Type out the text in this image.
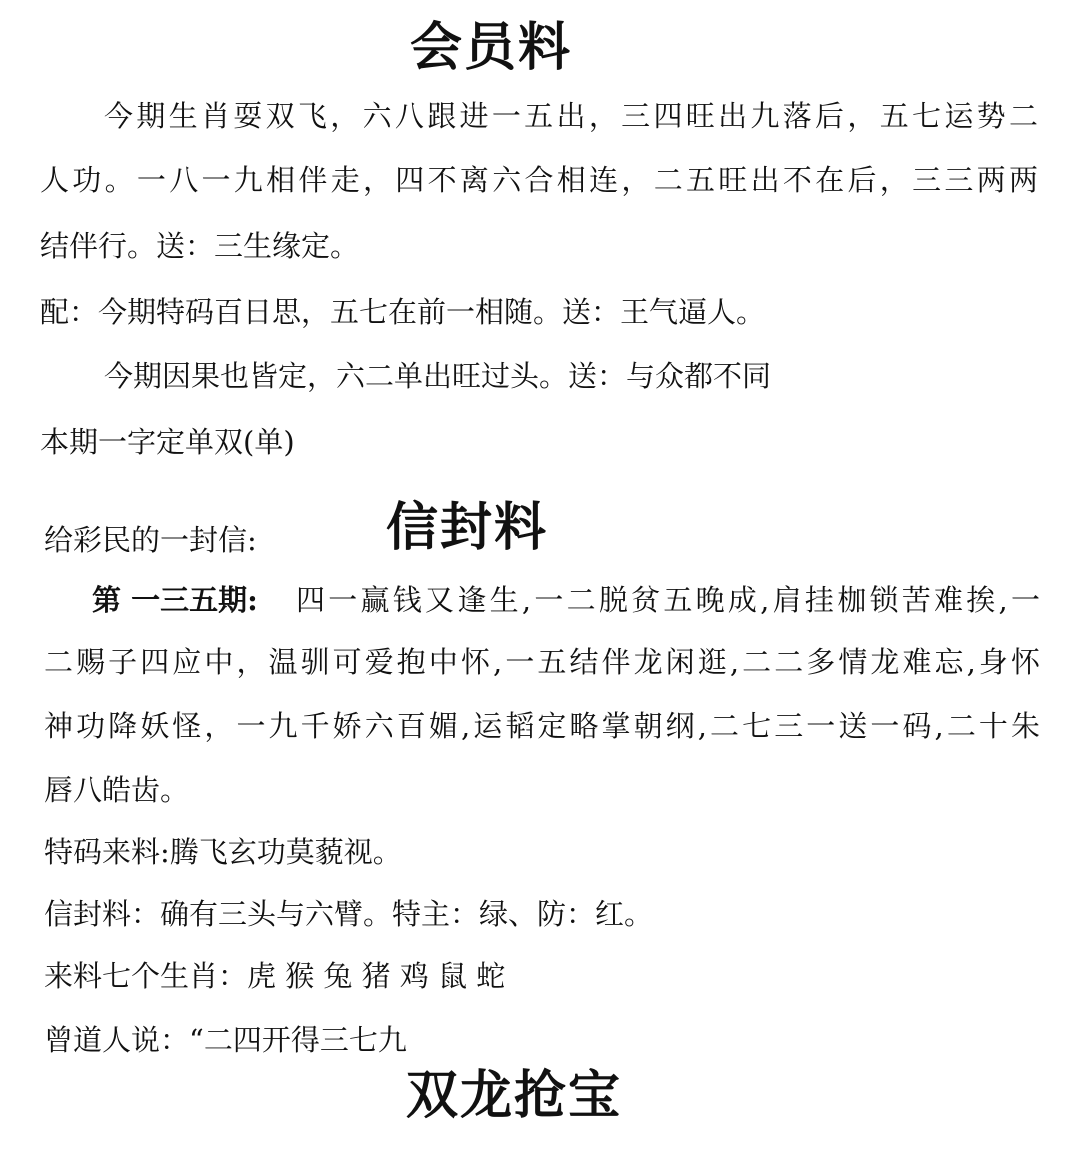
会员料
今期生肖耍双飞，六八跟进一五出，三四旺出九落后，五七运势二
人功。一八一九相伴走，四不离六合相连，二五旺出不在后，三三两两
结伴行。送：三生缘定。
配：今期特码百日思，五七在前一相随。送：王气逼人。
今期因果也皆定，六二单出旺过头。送：与众都不同
本期一字定单双(单)
给彩民的一封信: 信封料
第 一三五期: 四一赢钱又逢生,一二脱贫五晚成,肩挂枷锁苦难挨,一
二赐子四应中，温驯可爱抱中怀,一五结伴龙闲逛,二二多情龙难忘,身怀
神功降妖怪，一九千娇六百媚,运韬定略掌朝纲,二七三一送一码,二十朱
唇八皓齿。
特码来料:腾飞玄功莫藐视。
信封料：确有三头与六臂。特主：绿、防：红。
来料七个生肖：虎 猴 兔 猪 鸡 鼠 蛇
曾道人说：“二四开得三七九
双龙抢宝
